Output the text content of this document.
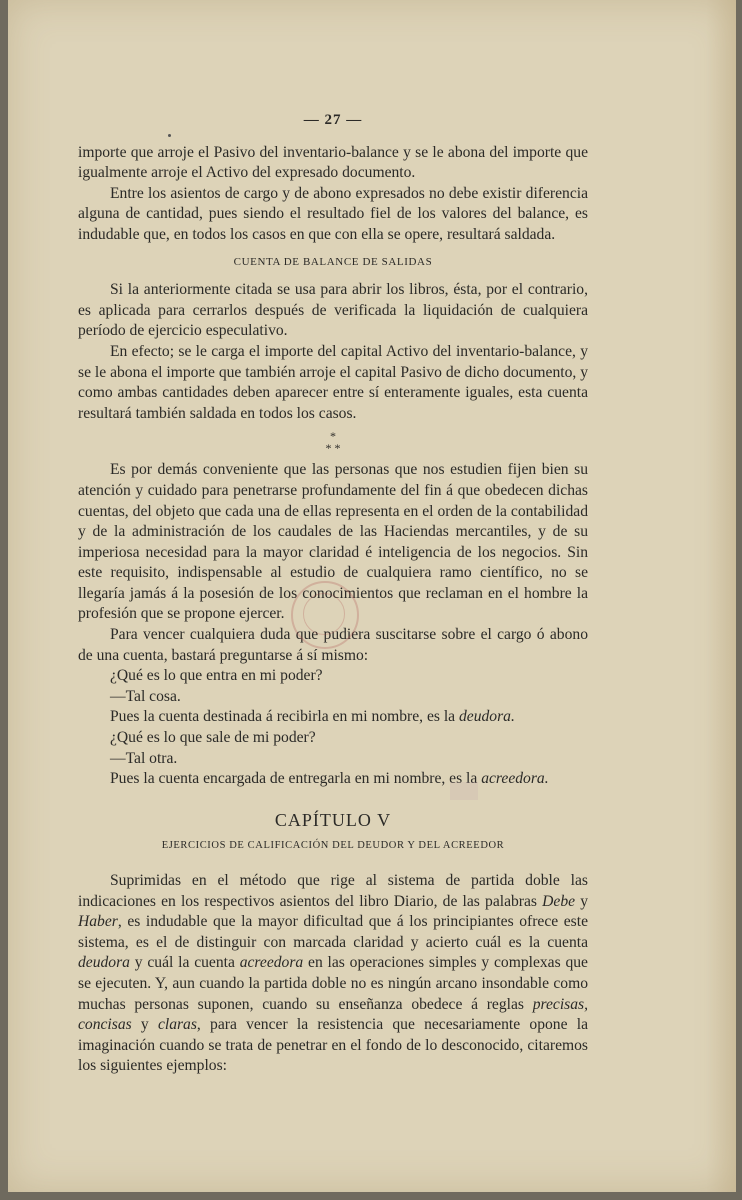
— 27 —

importe que arroje el Pasivo del inventario-balance y se le abona del importe que igualmente arroje el Activo del expresado documento.

Entre los asientos de cargo y de abono expresados no debe existir diferencia alguna de cantidad, pues siendo el resultado fiel de los valores del balance, es indudable que, en todos los casos en que con ella se opere, resultará saldada.

CUENTA DE BALANCE DE SALIDAS

Si la anteriormente citada se usa para abrir los libros, ésta, por el contrario, es aplicada para cerrarlos después de verificada la liquidación de cualquiera período de ejercicio especulativo.

En efecto; se le carga el importe del capital Activo del inventario-balance, y se le abona el importe que también arroje el capital Pasivo de dicho documento, y como ambas cantidades deben aparecer entre sí enteramente iguales, esta cuenta resultará también saldada en todos los casos.

*
* *

Es por demás conveniente que las personas que nos estudien fijen bien su atención y cuidado para penetrarse profundamente del fin á que obedecen dichas cuentas, del objeto que cada una de ellas representa en el orden de la contabilidad y de la administración de los caudales de las Haciendas mercantiles, y de su imperiosa necesidad para la mayor claridad é inteligencia de los negocios. Sin este requisito, indispensable al estudio de cualquiera ramo científico, no se llegaría jamás á la posesión de los conocimientos que reclaman en el hombre la profesión que se propone ejercer.

Para vencer cualquiera duda que pudiera suscitarse sobre el cargo ó abono de una cuenta, bastará preguntarse á sí mismo:

¿Qué es lo que entra en mi poder?

—Tal cosa.

Pues la cuenta destinada á recibirla en mi nombre, es la deudora.

¿Qué es lo que sale de mi poder?

—Tal otra.

Pues la cuenta encargada de entregarla en mi nombre, es la acreedora.

CAPÍTULO V
EJERCICIOS DE CALIFICACIÓN DEL DEUDOR Y DEL ACREEDOR

Suprimidas en el método que rige al sistema de partida doble las indicaciones en los respectivos asientos del libro Diario, de las palabras Debe y Haber, es indudable que la mayor dificultad que á los principiantes ofrece este sistema, es el de distinguir con marcada claridad y acierto cuál es la cuenta deudora y cuál la cuenta acreedora en las operaciones simples y complexas que se ejecuten. Y, aun cuando la partida doble no es ningún arcano insondable como muchas personas suponen, cuando su enseñanza obedece á reglas precisas, concisas y claras, para vencer la resistencia que necesariamente opone la imaginación cuando se trata de penetrar en el fondo de lo desconocido, citaremos los siguientes ejemplos:
